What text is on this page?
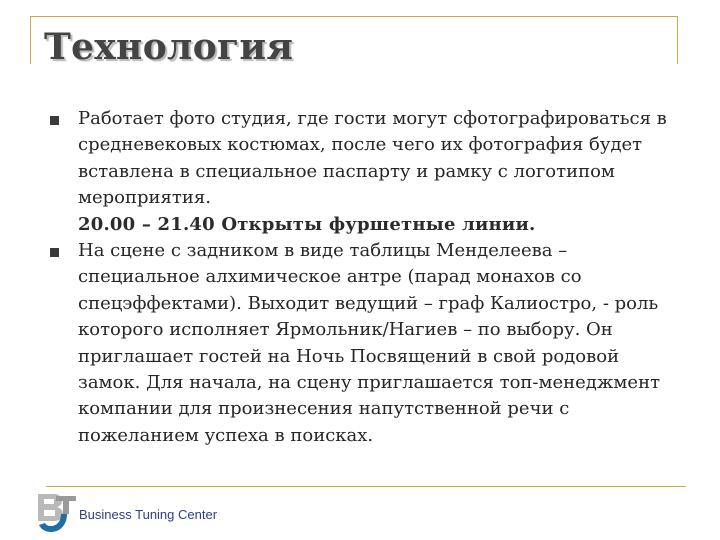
Технология
Работает фото студия, где гости могут сфотографироваться в средневековых костюмах, после чего их фотография будет вставлена в специальное паспарту и рамку с логотипом мероприятия.
20.00 – 21.40 Открыты фуршетные линии.
На сцене с задником в виде таблицы Менделеева – специальное алхимическое антре (парад монахов со спецэффектами). Выходит ведущий – граф Калиостро, - роль которого исполняет Ярмольник/Нагиев – по выбору. Он приглашает гостей на Ночь Посвящений в свой родовой замок. Для начала, на сцену приглашается топ-менеджмент компании для произнесения напутственной речи с пожеланием успеха в поисках.
Business Tuning Center
